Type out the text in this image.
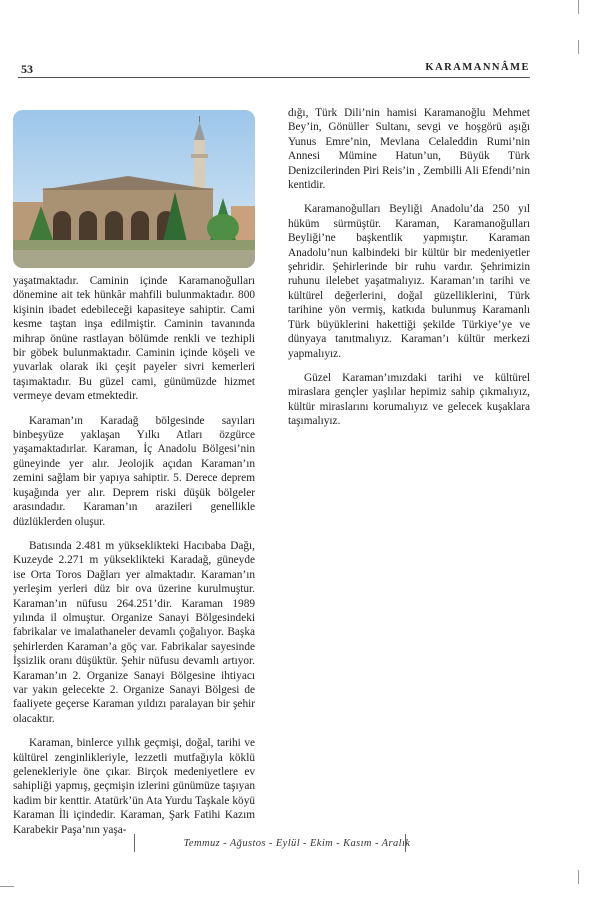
53	KARAMANNÂME

yaşatmaktadır. Caminin içinde Karamanoğulları dönemine ait tek hünkâr mahfili bulunmaktadır. 800 kişinin ibadet edebileceği kapasiteye sahiptir. Cami kesme taştan inşa edilmiştir. Caminin tavanında mihrap önüne rastlayan bölümde renkli ve tezhipli bir göbek bulunmaktadır. Caminin içinde köşeli ve yuvarlak olarak iki çeşit payeler sivri kemerleri taşımaktadır. Bu güzel cami, günümüzde hizmet vermeye devam etmektedir.

Karaman’ın Karadağ bölgesinde sayıları binbeşyüze yaklaşan Yılkı Atları özgürce yaşamaktadırlar. Karaman, İç Anadolu Bölgesi’nin güneyinde yer alır. Jeolojik açıdan Karaman’ın zemini sağlam bir yapıya sahiptir. 5. Derece deprem kuşağında yer alır. Deprem riski düşük bölgeler arasındadır. Karaman’ın arazileri genellikle düzlüklerden oluşur.

Batısında 2.481 m yükseklikteki Hacıbaba Dağı, Kuzeyde 2.271 m yükseklikteki Karadağ, güneyde ise Orta Toros Dağları yer almaktadır. Karaman’ın yerleşim yerleri düz bir ova üzerine kurulmuştur. Karaman’ın nüfusu 264.251’dir. Karaman 1989 yılında il olmuştur. Organize Sanayi Bölgesindeki fabrikalar ve imalathaneler devamlı çoğalıyor. Başka şehirlerden Karaman’a göç var. Fabrikalar sayesinde İşsizlik oranı düşüktür. Şehir nüfusu devamlı artıyor. Karaman’ın 2. Organize Sanayi Bölgesine ihtiyacı var yakın gelecekte 2. Organize Sanayi Bölgesi de faaliyete geçerse Karaman yıldızı paralayan bir şehir olacaktır.

Karaman, binlerce yıllık geçmişi, doğal, tarihi ve kültürel zenginlikleriyle, lezzetli mutfağıyla köklü gelenekleriyle öne çıkar. Birçok medeniyetlere ev sahipliği yapmış, geçmişin izlerini günümüze taşıyan kadim bir kenttir. Atatürk’ün Ata Yurdu Taşkale köyü Karaman İli içindedir. Karaman, Şark Fatihi Kazım Karabekir Paşa’nın yaşa-

dığı, Türk Dili’nin hamisi Karamanoğlu Mehmet Bey’in, Gönüller Sultanı, sevgi ve hoşgörü aşığı Yunus Emre’nin, Mevlana Celaleddin Rumi’nin Annesi Mümine Hatun’un, Büyük Türk Denizcilerinden Piri Reis’in , Zembilli Ali Efendi’nin kentidir.

Karamanoğulları Beyliği Anadolu’da 250 yıl hüküm sürmüştür. Karaman, Karamanoğulları Beyliği’ne başkentlik yapmıştır. Karaman Anadolu’nun kalbindeki bir kültür bir medeniyetler şehridir. Şehirlerinde bir ruhu vardır. Şehrimizin ruhunu ilelebet yaşatmalıyız. Karaman’ın tarihi ve kültürel değerlerini, doğal güzelliklerini, Türk tarihine yön vermiş, katkıda bulunmuş Karamanlı Türk büyüklerini hakettiği şekilde Türkiye’ye ve dünyaya tanıtmalıyız. Karaman’ı kültür merkezi yapmalıyız.

Güzel Karaman’ımızdaki tarihi ve kültürel miraslara gençler yaşlılar hepimiz sahip çıkmalıyız, kültür miraslarını korumalıyız ve gelecek kuşaklara taşımalıyız.

Temmuz - Ağustos - Eylül - Ekim - Kasım - Aralık
